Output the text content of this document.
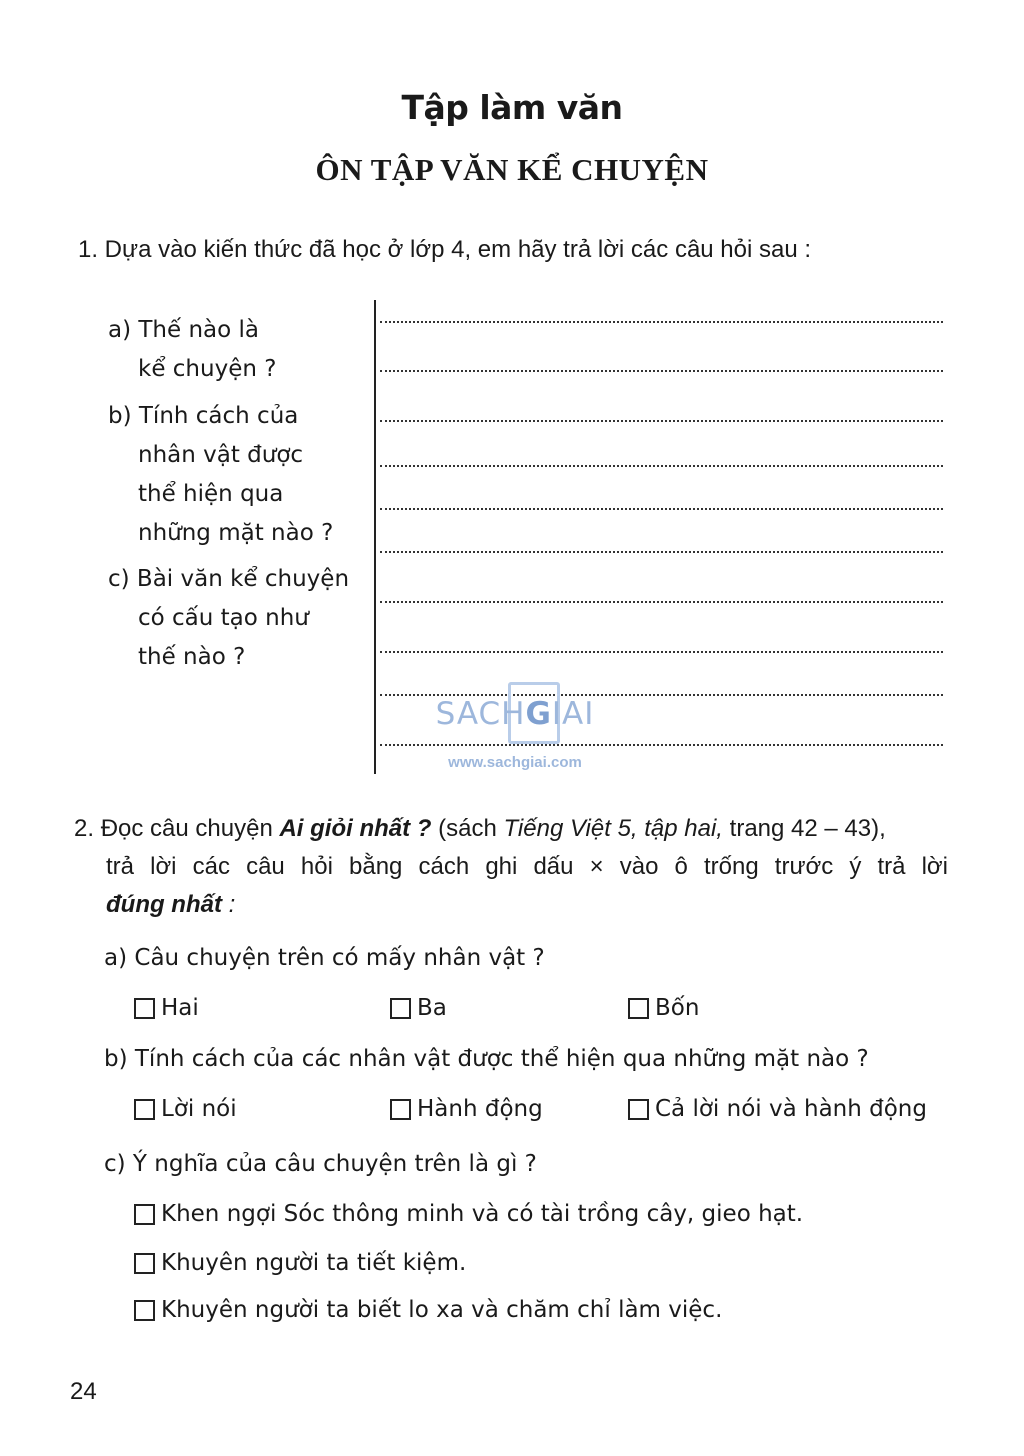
Tập làm văn
ÔN TẬP VĂN KỂ CHUYỆN
1. Dựa vào kiến thức đã học ở lớp 4, em hãy trả lời các câu hỏi sau :
a) Thế nào là
kể chuyện ?
b) Tính cách của
nhân vật được
thể hiện qua
những mặt nào ?
c) Bài văn kể chuyện
có cấu tạo như
thế nào ?
SACHGIAI
www.sachgiai.com
2. Đọc câu chuyện Ai giỏi nhất ? (sách Tiếng Việt 5, tập hai, trang 42 – 43),
trả lời các câu hỏi bằng cách ghi dấu × vào ô trống trước ý trả lời
đúng nhất :
a) Câu chuyện trên có mấy nhân vật ?
Hai	Ba	Bốn
b) Tính cách của các nhân vật được thể hiện qua những mặt nào ?
Lời nói	Hành động	Cả lời nói và hành động
c) Ý nghĩa của câu chuyện trên là gì ?
Khen ngợi Sóc thông minh và có tài trồng cây, gieo hạt.
Khuyên người ta tiết kiệm.
Khuyên người ta biết lo xa và chăm chỉ làm việc.
24
